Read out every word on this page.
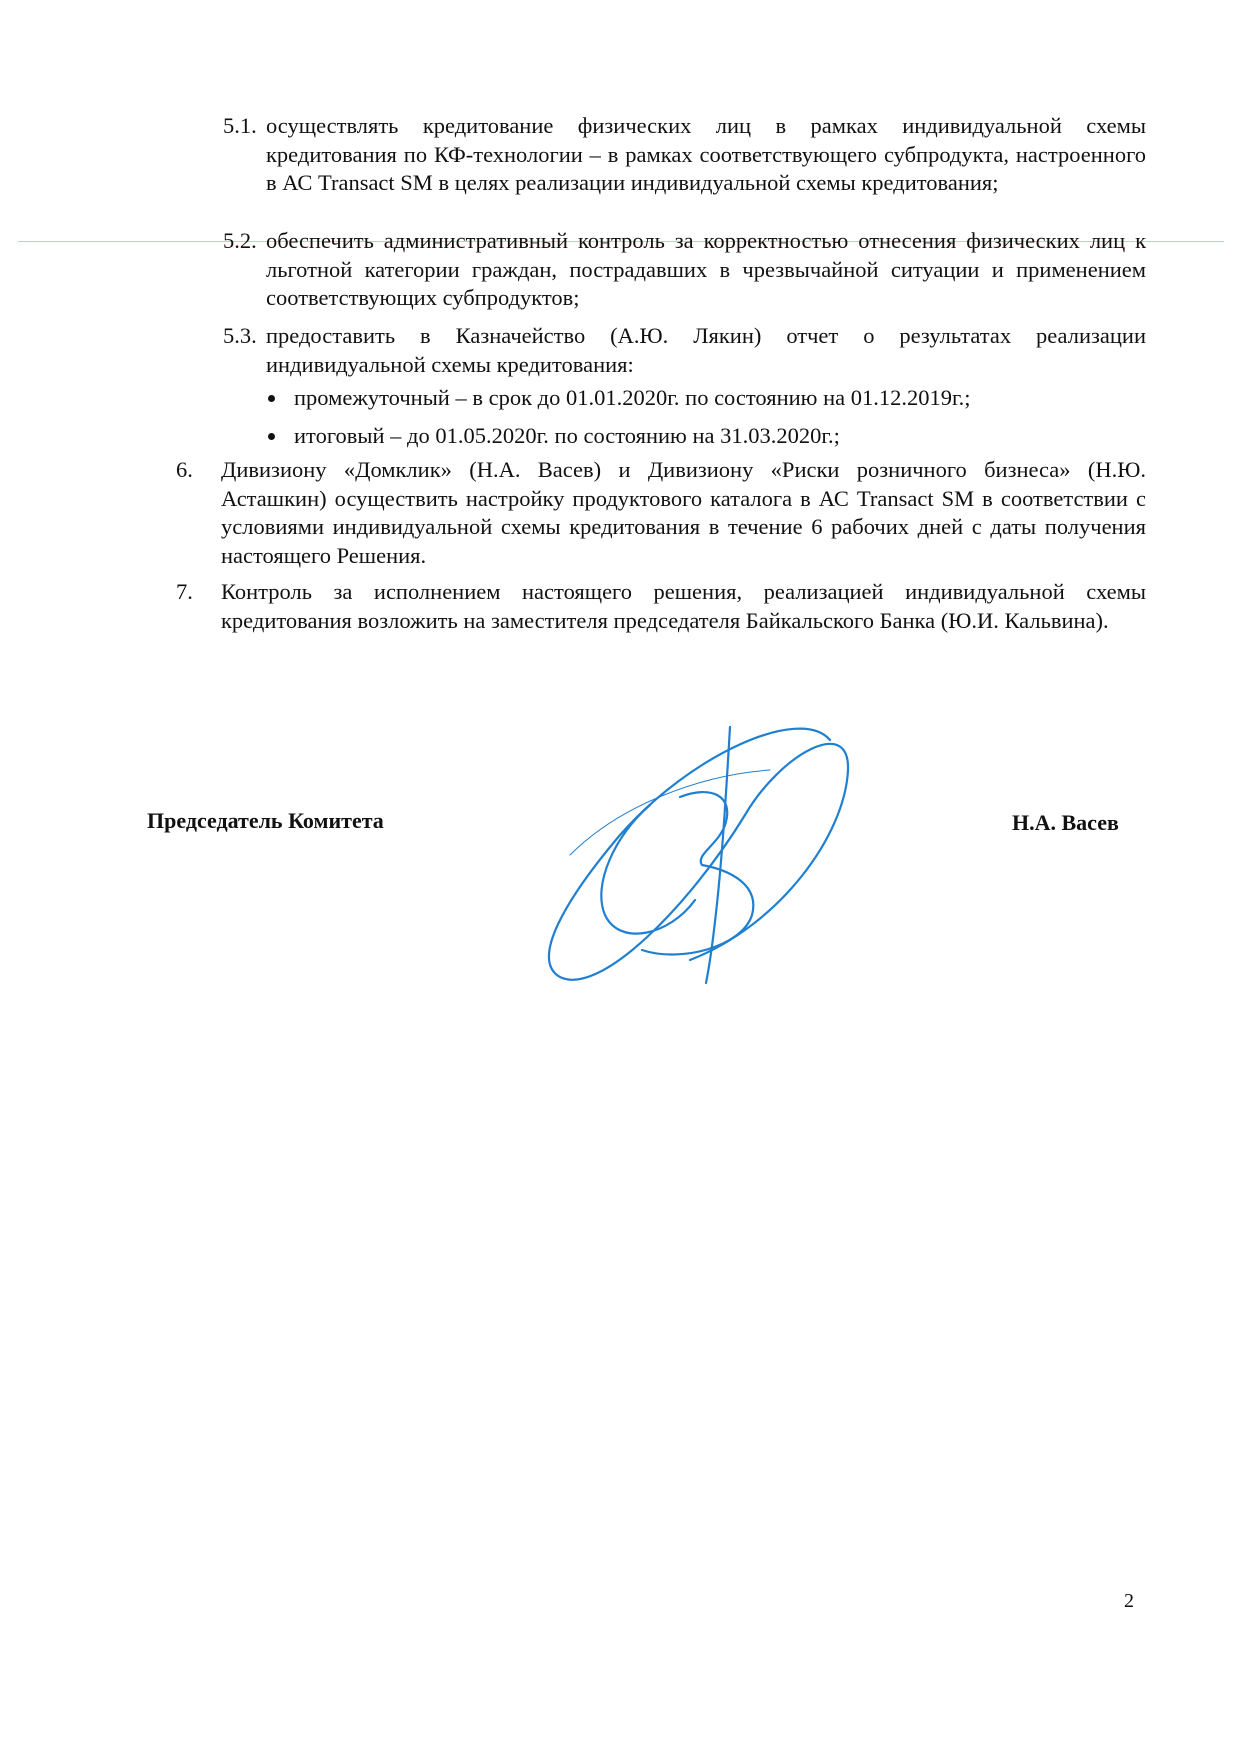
5.1. осуществлять кредитование физических лиц в рамках индивидуальной схемы кредитования по КФ-технологии – в рамках соответствующего субпродукта, настроенного в АС Transact SM в целях реализации индивидуальной схемы кредитования;
5.2. обеспечить административный контроль за корректностью отнесения физических лиц к льготной категории граждан, пострадавших в чрезвычайной ситуации и применением соответствующих субпродуктов;
5.3. предоставить в Казначейство (А.Ю. Лякин) отчет о результатах реализации индивидуальной схемы кредитования:
промежуточный – в срок до 01.01.2020г. по состоянию на 01.12.2019г.;
итоговый – до 01.05.2020г. по состоянию на 31.03.2020г.;
6. Дивизиону «Домклик» (Н.А. Васев) и Дивизиону «Риски розничного бизнеса» (Н.Ю. Асташкин) осуществить настройку продуктового каталога в АС Transact SM в соответствии с условиями индивидуальной схемы кредитования в течение 6 рабочих дней с даты получения настоящего Решения.
7. Контроль за исполнением настоящего решения, реализацией индивидуальной схемы кредитования возложить на заместителя председателя Байкальского Банка (Ю.И. Кальвина).
Председатель Комитета	Н.А. Васев
2
